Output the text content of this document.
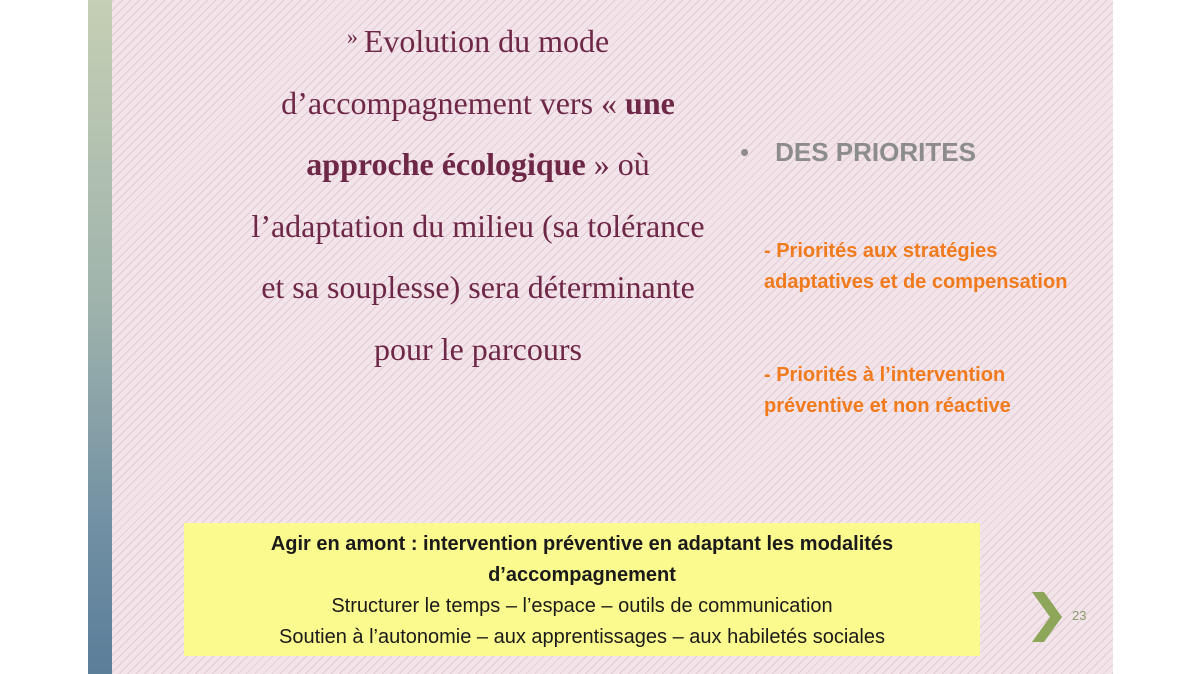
» Evolution du mode d’accompagnement vers « une approche écologique » où l’adaptation du milieu (sa tolérance et sa souplesse) sera déterminante pour le parcours

• DES PRIORITES

- Priorités aux stratégies adaptatives et de compensation

- Priorités à l’intervention préventive et non réactive

Agir en amont : intervention préventive en adaptant les modalités d’accompagnement
Structurer le temps – l’espace – outils de communication
Soutien à l’autonomie – aux apprentissages – aux habiletés sociales
23
